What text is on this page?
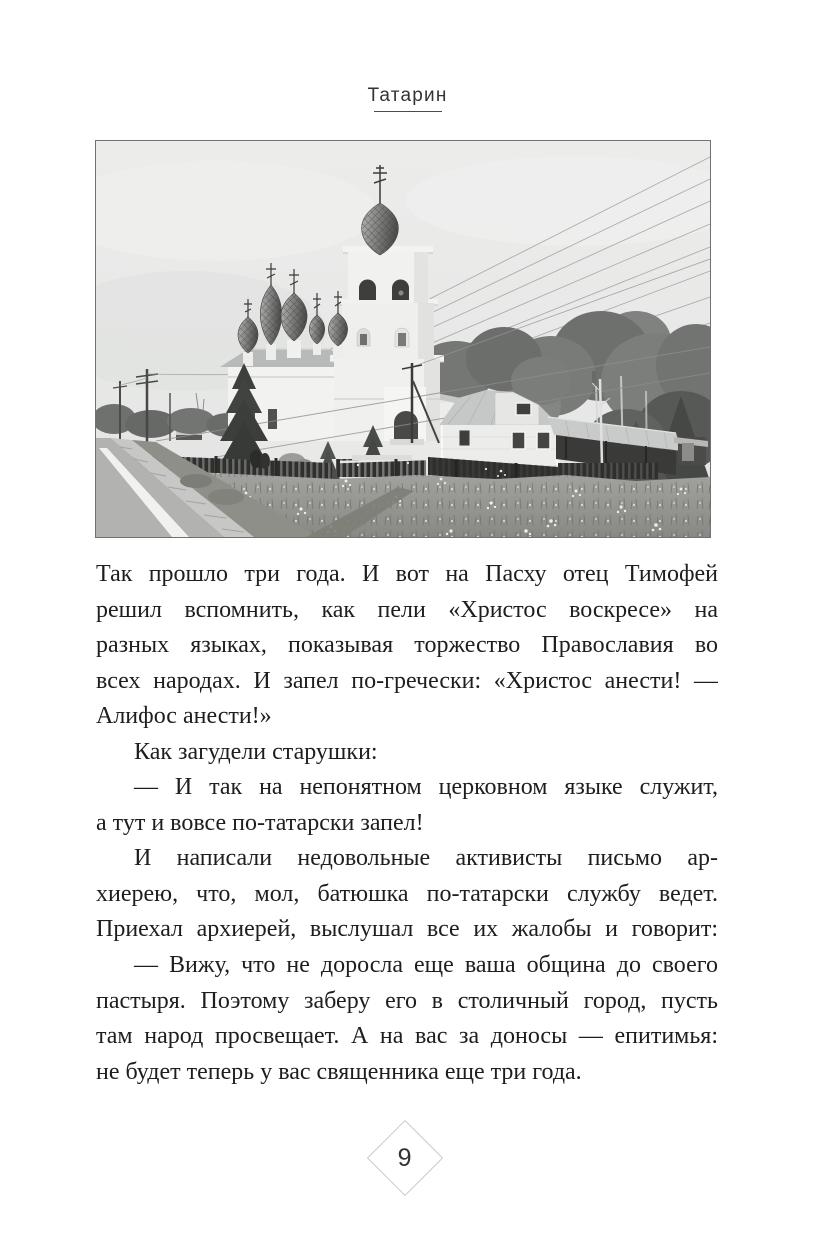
Татарин
Так прошло три года. И вот на Пасху отец Тимофей
решил вспомнить, как пели «Христос воскресе» на
разных языках, показывая торжество Православия во
всех народах. И запел по-гречески: «Христос анести! —
Алифос анести!»
Как загудели старушки:
— И так на непонятном церковном языке служит,
а тут и вовсе по-татарски запел!
И написали недовольные активисты письмо ар-
хиерею, что, мол, батюшка по-татарски службу ведет.
Приехал архиерей, выслушал все их жалобы и говорит:
— Вижу, что не доросла еще ваша община до своего
пастыря. Поэтому заберу его в столичный город, пусть
там народ просвещает. А на вас за доносы — епитимья:
не будет теперь у вас священника еще три года.
9
